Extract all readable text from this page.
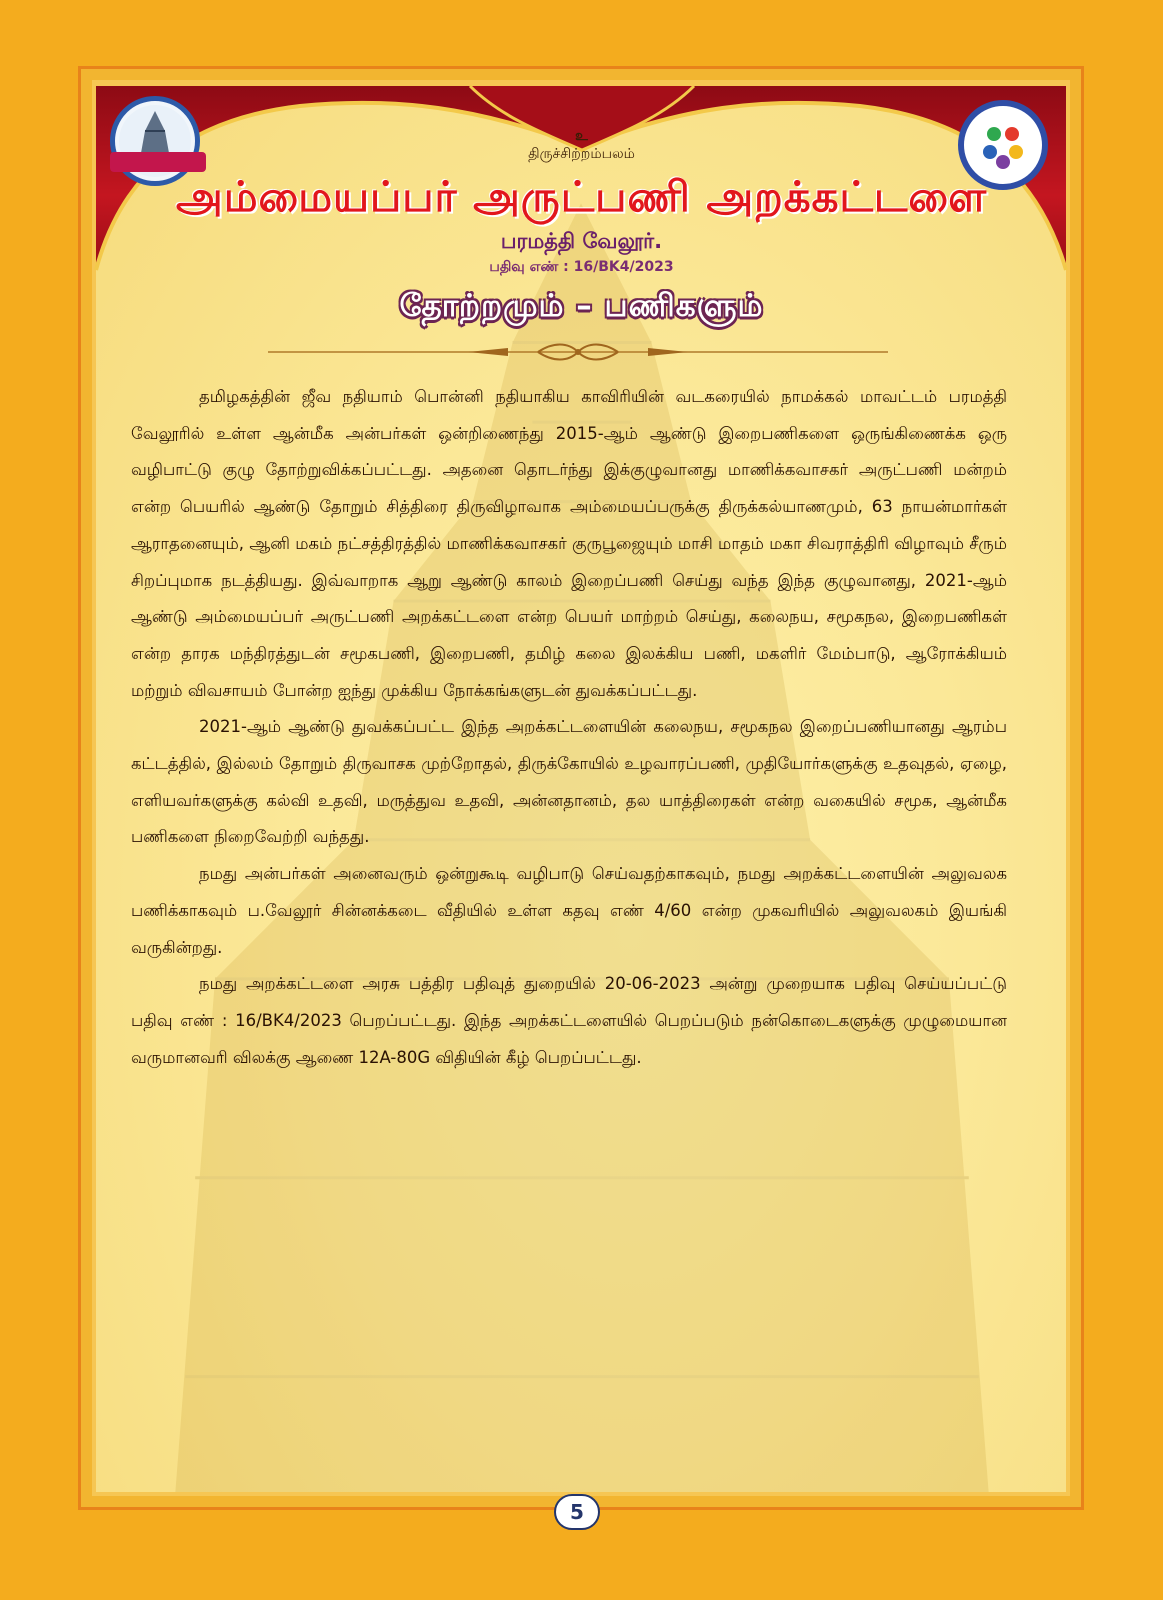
உ

திருச்சிற்றம்பலம்

அம்மையப்பர் அருட்பணி அறக்கட்டளை

பரமத்தி வேலூர்.

பதிவு எண் : 16/BK4/2023

தோற்றமும் – பணிகளும்

தமிழகத்தின் ஜீவ நதியாம் பொன்னி நதியாகிய காவிரியின் வடகரையில் நாமக்கல் மாவட்டம் பரமத்தி வேலூரில் உள்ள ஆன்மீக அன்பர்கள் ஒன்றிணைந்து 2015-ஆம் ஆண்டு இறைபணிகளை ஒருங்கிணைக்க ஒரு வழிபாட்டு குழு தோற்றுவிக்கப்பட்டது. அதனை தொடர்ந்து இக்குழுவானது மாணிக்கவாசகர் அருட்பணி மன்றம் என்ற பெயரில் ஆண்டு தோறும் சித்திரை திருவிழாவாக அம்மையப்பருக்கு திருக்கல்யாணமும், 63 நாயன்மார்கள் ஆராதனையும், ஆனி மகம் நட்சத்திரத்தில் மாணிக்கவாசகர் குருபூஜையும் மாசி மாதம் மகா சிவராத்திரி விழாவும் சீரும் சிறப்புமாக நடத்தியது. இவ்வாறாக ஆறு ஆண்டு காலம் இறைப்பணி செய்து வந்த இந்த குழுவானது, 2021-ஆம் ஆண்டு அம்மையப்பர் அருட்பணி அறக்கட்டளை என்ற பெயர் மாற்றம் செய்து, கலைநய, சமூகநல, இறைபணிகள் என்ற தாரக மந்திரத்துடன் சமூகபணி, இறைபணி, தமிழ் கலை இலக்கிய பணி, மகளிர் மேம்பாடு, ஆரோக்கியம் மற்றும் விவசாயம் போன்ற ஐந்து முக்கிய நோக்கங்களுடன் துவக்கப்பட்டது.

2021-ஆம் ஆண்டு துவக்கப்பட்ட இந்த அறக்கட்டளையின் கலைநய, சமூகநல இறைப்பணியானது ஆரம்ப கட்டத்தில், இல்லம் தோறும் திருவாசக முற்றோதல், திருக்கோயில் உழவாரப்பணி, முதியோர்களுக்கு உதவுதல், ஏழை, எளியவர்களுக்கு கல்வி உதவி, மருத்துவ உதவி, அன்னதானம், தல யாத்திரைகள் என்ற வகையில் சமூக, ஆன்மீக பணிகளை நிறைவேற்றி வந்தது.

நமது அன்பர்கள் அனைவரும் ஒன்றுகூடி வழிபாடு செய்வதற்காகவும், நமது அறக்கட்டளையின் அலுவலக பணிக்காகவும் ப.வேலூர் சின்னக்கடை வீதியில் உள்ள கதவு எண் 4/60 என்ற முகவரியில் அலுவலகம் இயங்கி வருகின்றது.

நமது அறக்கட்டளை அரசு பத்திர பதிவுத் துறையில் 20-06-2023 அன்று முறையாக பதிவு செய்யப்பட்டு பதிவு எண் : 16/BK4/2023 பெறப்பட்டது. இந்த அறக்கட்டளையில் பெறப்படும் நன்கொடைகளுக்கு முழுமையான வருமானவரி விலக்கு ஆணை 12A-80G விதியின் கீழ் பெறப்பட்டது.

5
